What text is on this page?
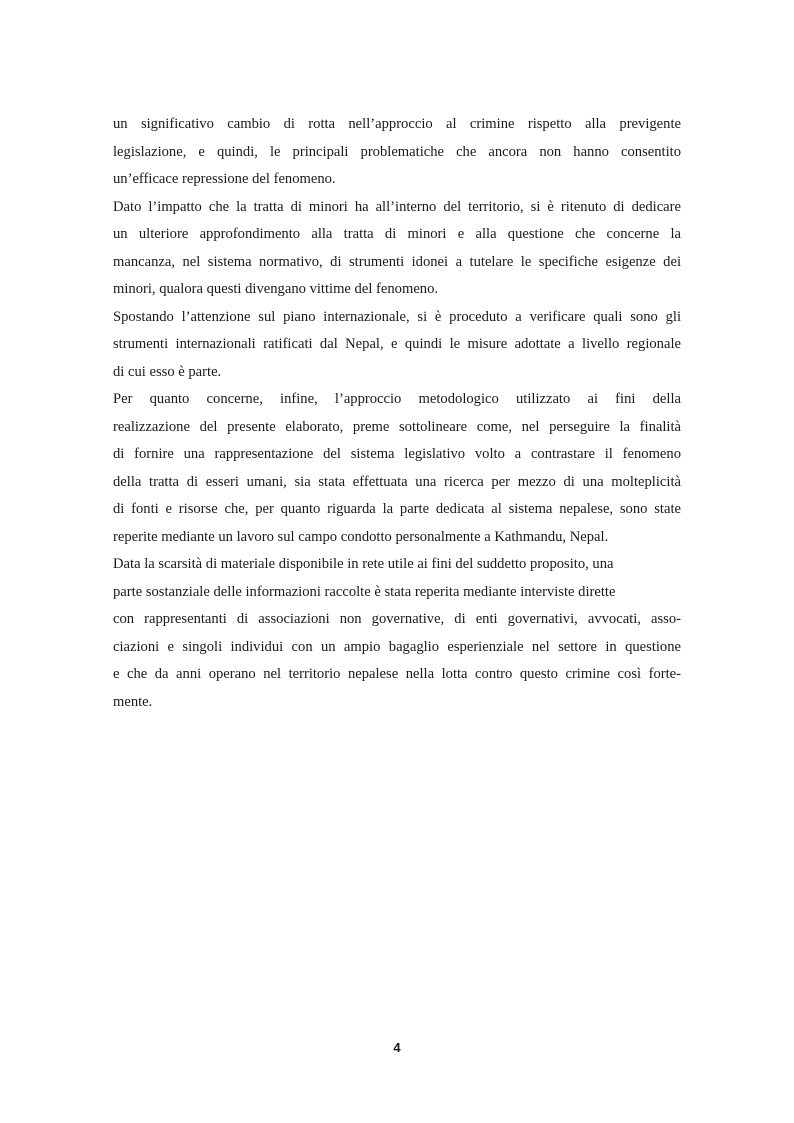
un significativo cambio di rotta nell’approccio al crimine rispetto alla previgente
legislazione, e quindi, le principali problematiche che ancora non hanno consentito
un’efficace repressione del fenomeno.

Dato l’impatto che la tratta di minori ha all’interno del territorio, si è ritenuto di dedicare
un ulteriore approfondimento alla tratta di minori e alla questione che concerne la
mancanza, nel sistema normativo, di strumenti idonei a tutelare le specifiche esigenze dei
minori, qualora questi divengano vittime del fenomeno.

Spostando l’attenzione sul piano internazionale, si è proceduto a verificare quali sono gli
strumenti internazionali ratificati dal Nepal, e quindi le misure adottate a livello regionale
di cui esso è parte.

Per quanto concerne, infine, l’approccio metodologico utilizzato ai fini della
realizzazione del presente elaborato, preme sottolineare come, nel perseguire la finalità
di fornire una rappresentazione del sistema legislativo volto a contrastare il fenomeno
della tratta di esseri umani, sia stata effettuata una ricerca per mezzo di una molteplicità
di fonti e risorse che, per quanto riguarda la parte dedicata al sistema nepalese, sono state
reperite mediante un lavoro sul campo condotto personalmente a Kathmandu, Nepal.

Data la scarsità di materiale disponibile in rete utile ai fini del suddetto proposito, una
parte sostanziale delle informazioni raccolte è stata reperita mediante interviste dirette
con rappresentanti di associazioni non governative, di enti governativi, avvocati, asso-
ciazioni e singoli individui con un ampio bagaglio esperienziale nel settore in questione
e che da anni operano nel territorio nepalese nella lotta contro questo crimine così forte-
mente.

4
